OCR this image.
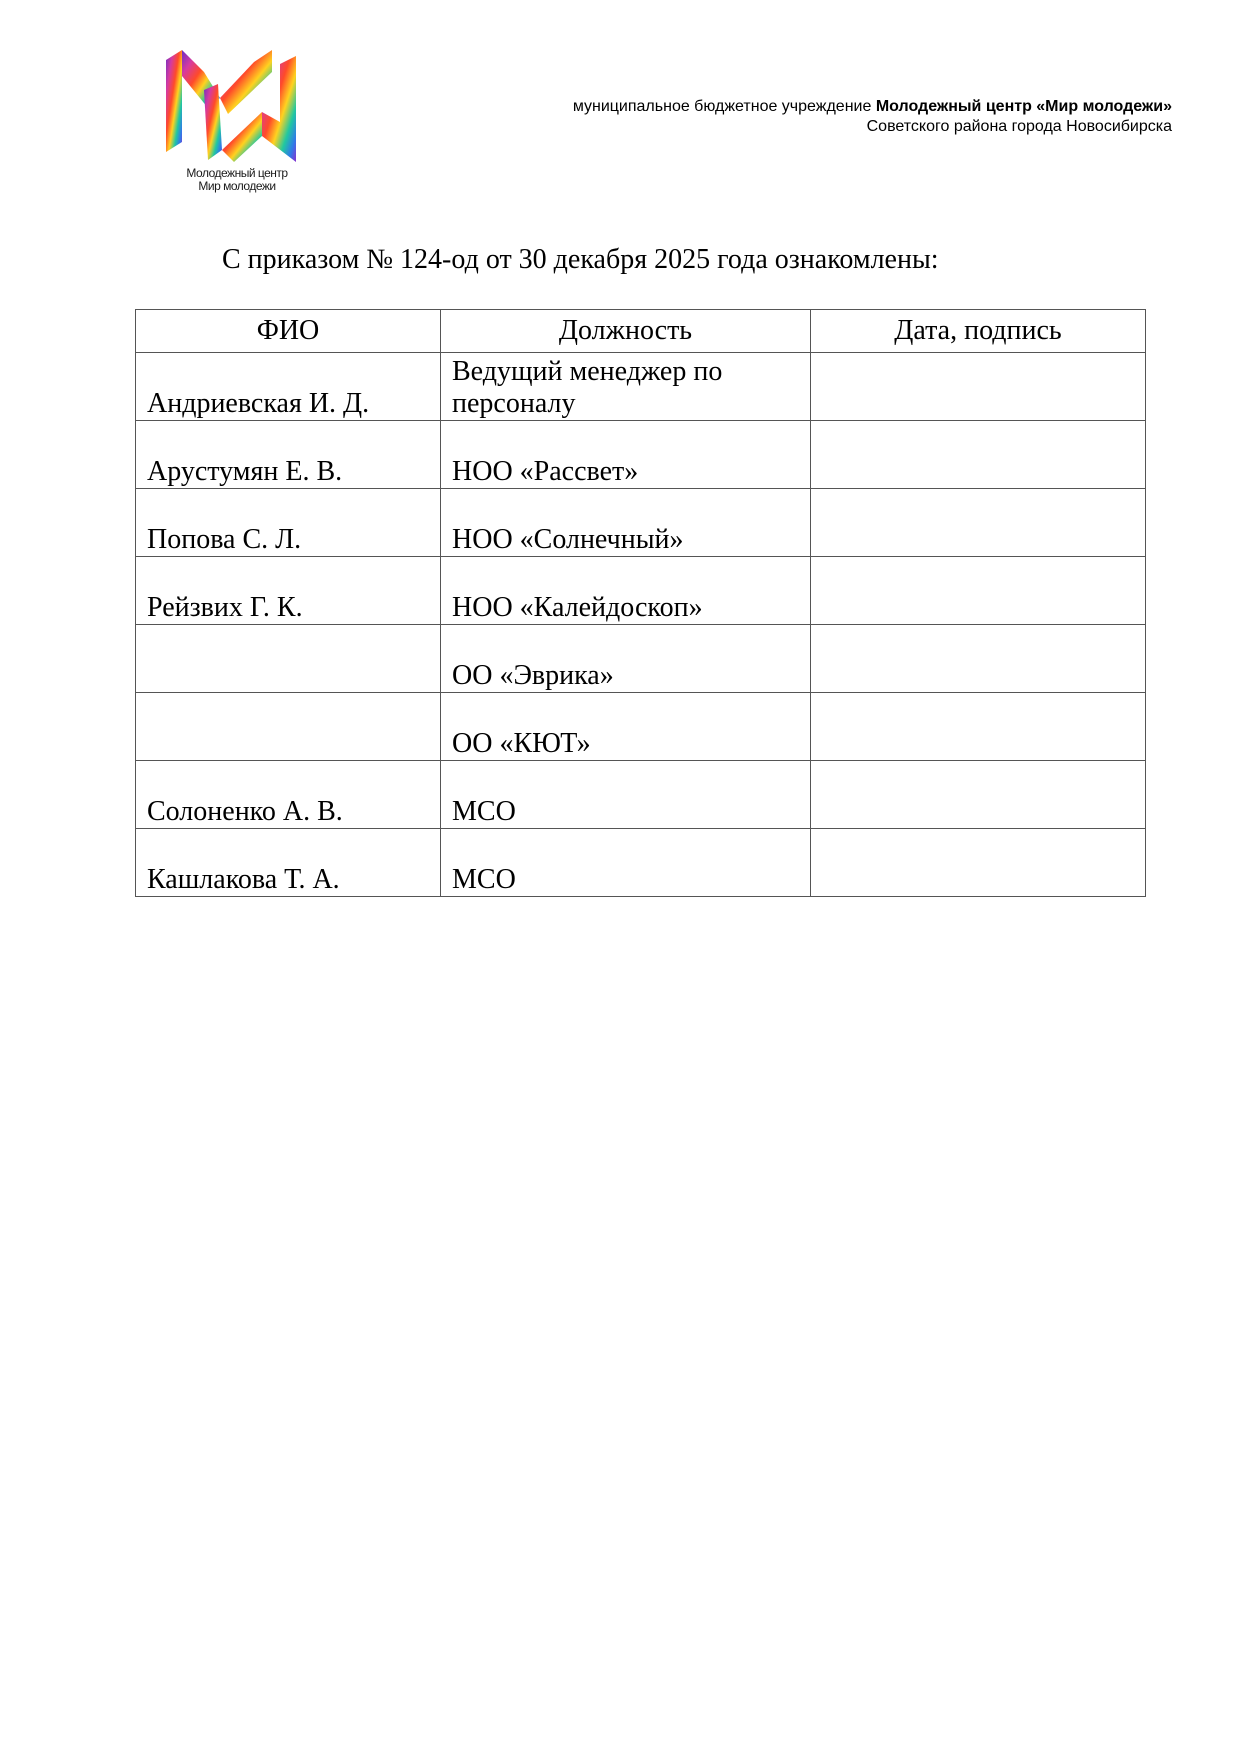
Молодежный центр
Мир молодежи
муниципальное бюджетное учреждение Молодежный центр «Мир молодежи»
Советского района города Новосибирска
С приказом № 124-од от 30 декабря 2025 года ознакомлены:
ФИО	Должность	Дата, подпись
Андриевская И. Д.	Ведущий менеджер по персоналу	
Арустумян Е. В.	НОО «Рассвет»	
Попова С. Л.	НОО «Солнечный»	
Рейзвих Г. К.	НОО «Калейдоскоп»	
	ОО «Эврика»	
	ОО «КЮТ»	
Солоненко А. В.	МСО	
Кашлакова Т. А.	МСО	
